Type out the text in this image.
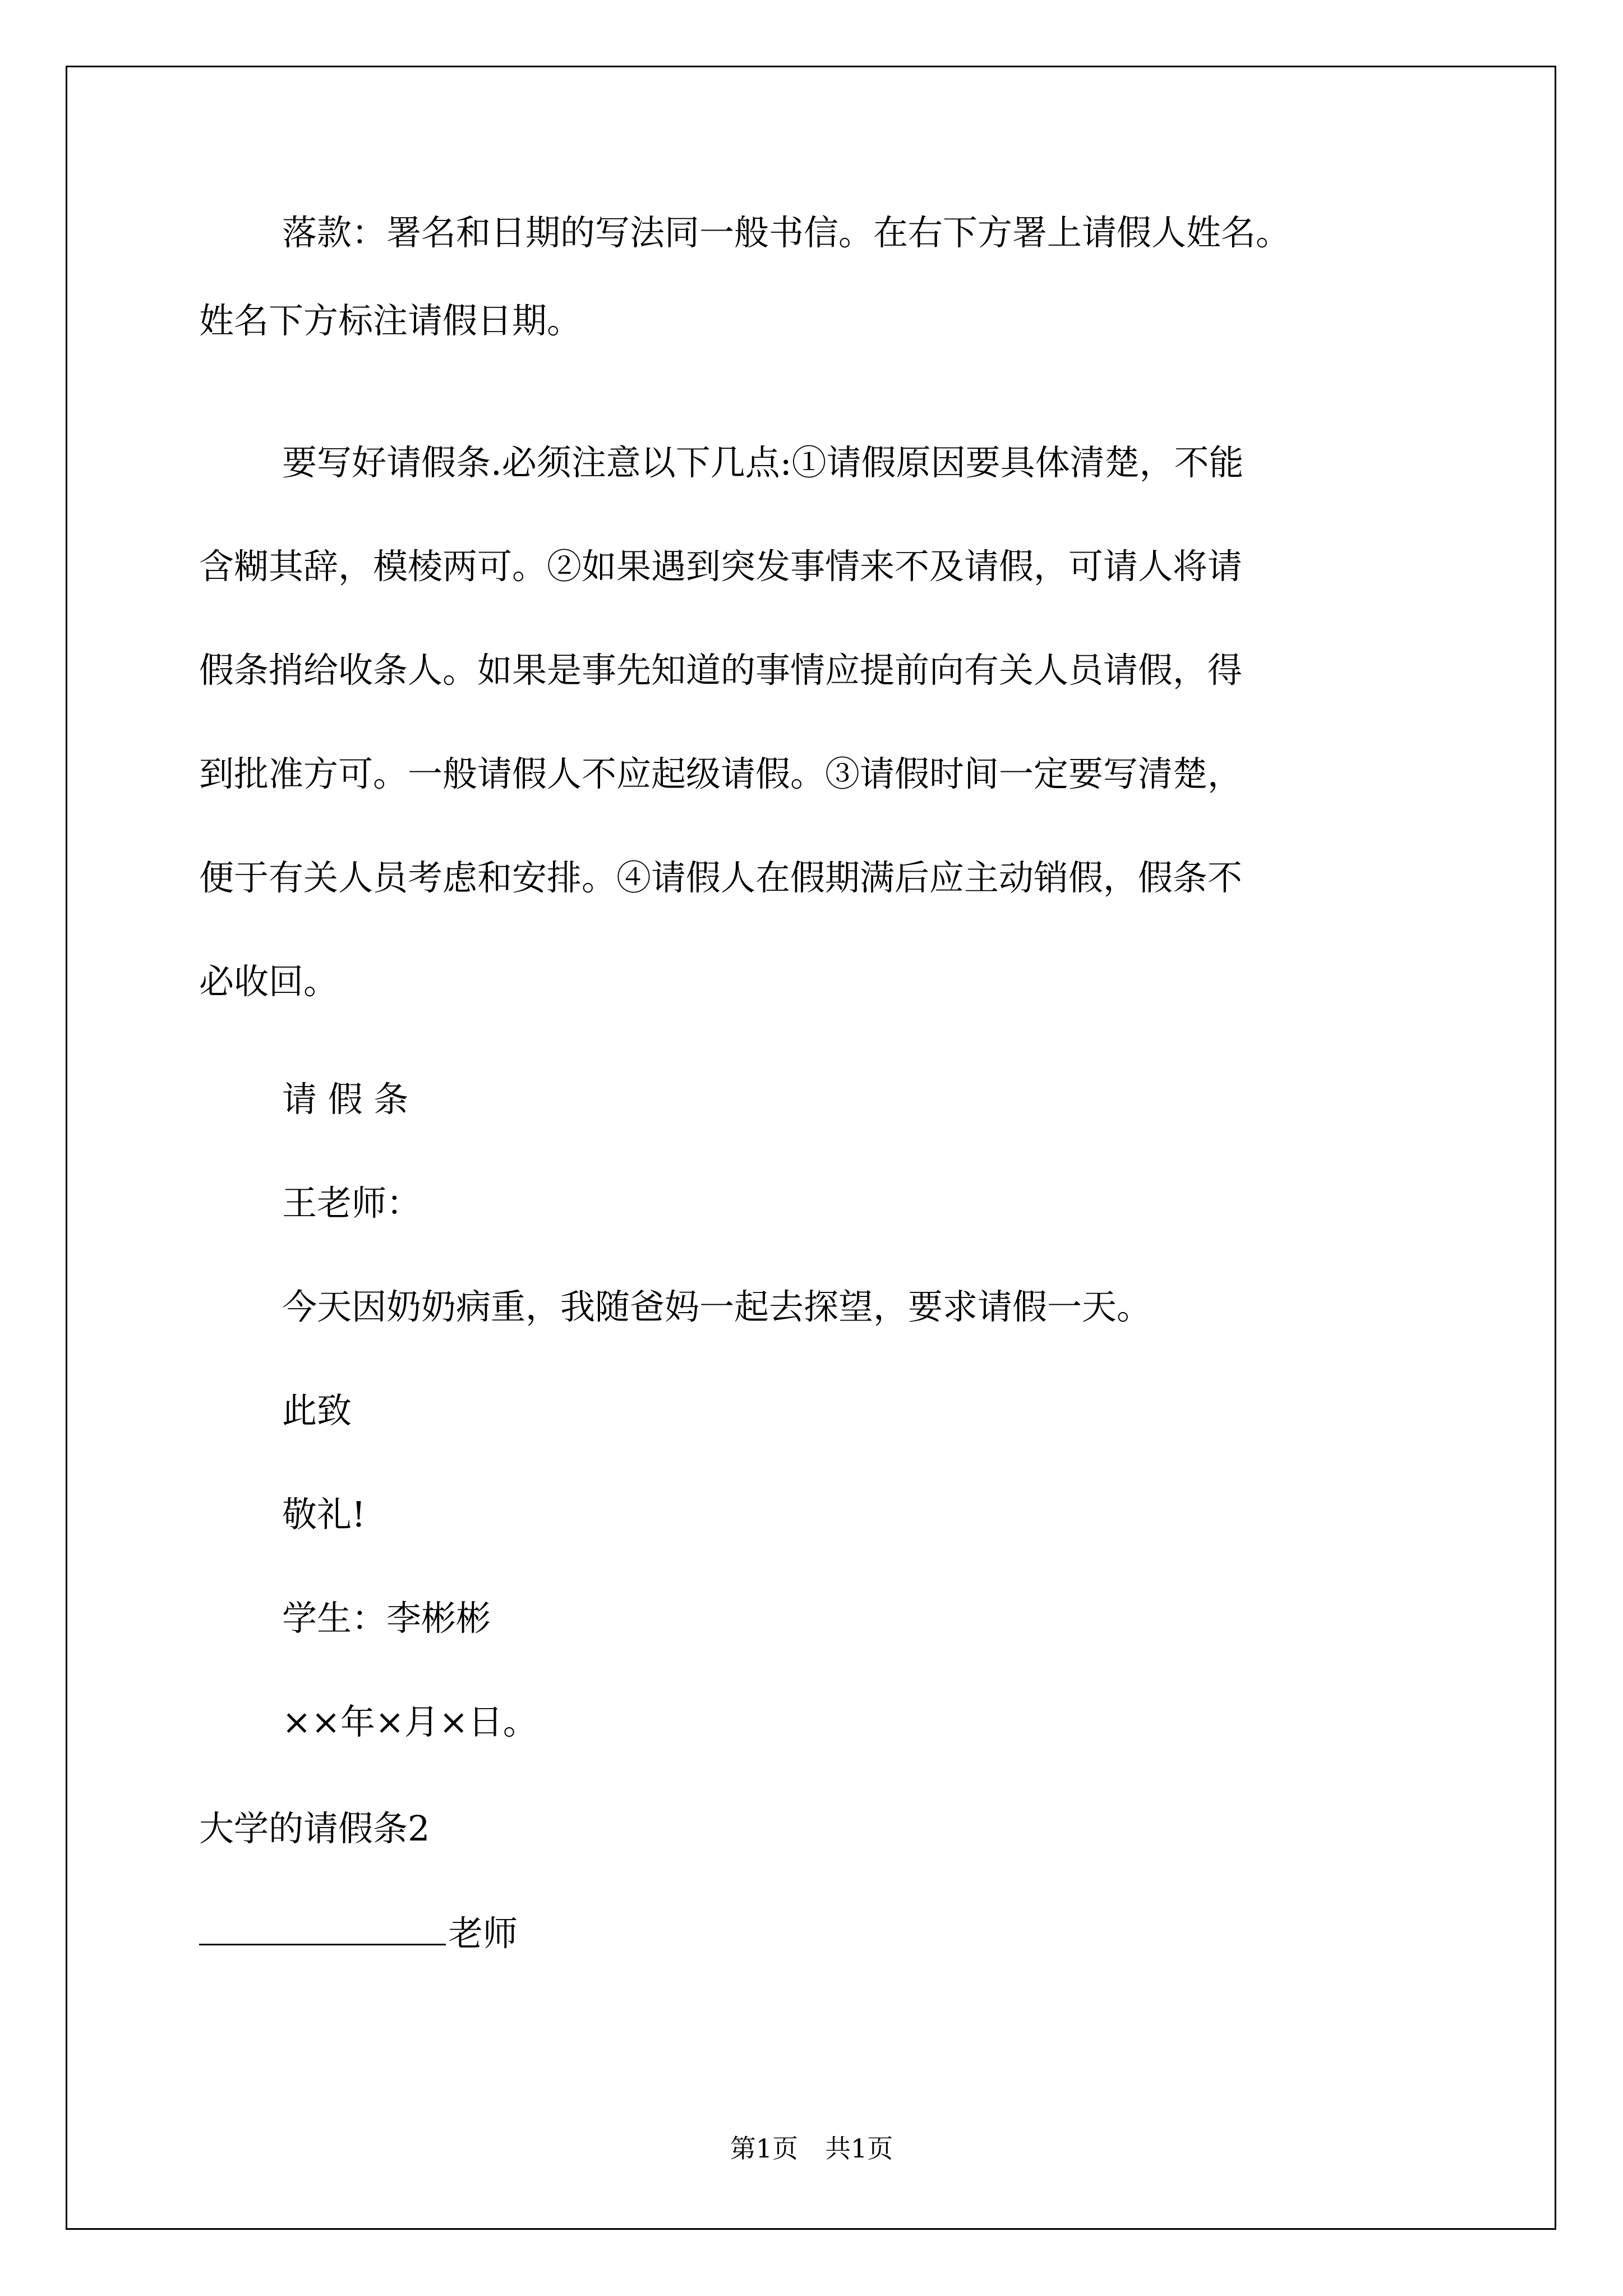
落款：署名和日期的写法同一般书信。在右下方署上请假人姓名。
姓名下方标注请假日期。
要写好请假条.必须注意以下几点:①请假原因要具体清楚，不能
含糊其辞，模棱两可。②如果遇到突发事情来不及请假，可请人将请
假条捎给收条人。如果是事先知道的事情应提前向有关人员请假，得
到批准方可。一般请假人不应起级请假。③请假时间一定要写清楚，
便于有关人员考虑和安排。④请假人在假期满后应主动销假，假条不
必收回。
请 假 条
王老师：
今天因奶奶病重，我随爸妈一起去探望，要求请假一天。
此致
敬礼!
学生：李彬彬
××年×月×日。
大学的请假条2
老师
第1页 共1页
